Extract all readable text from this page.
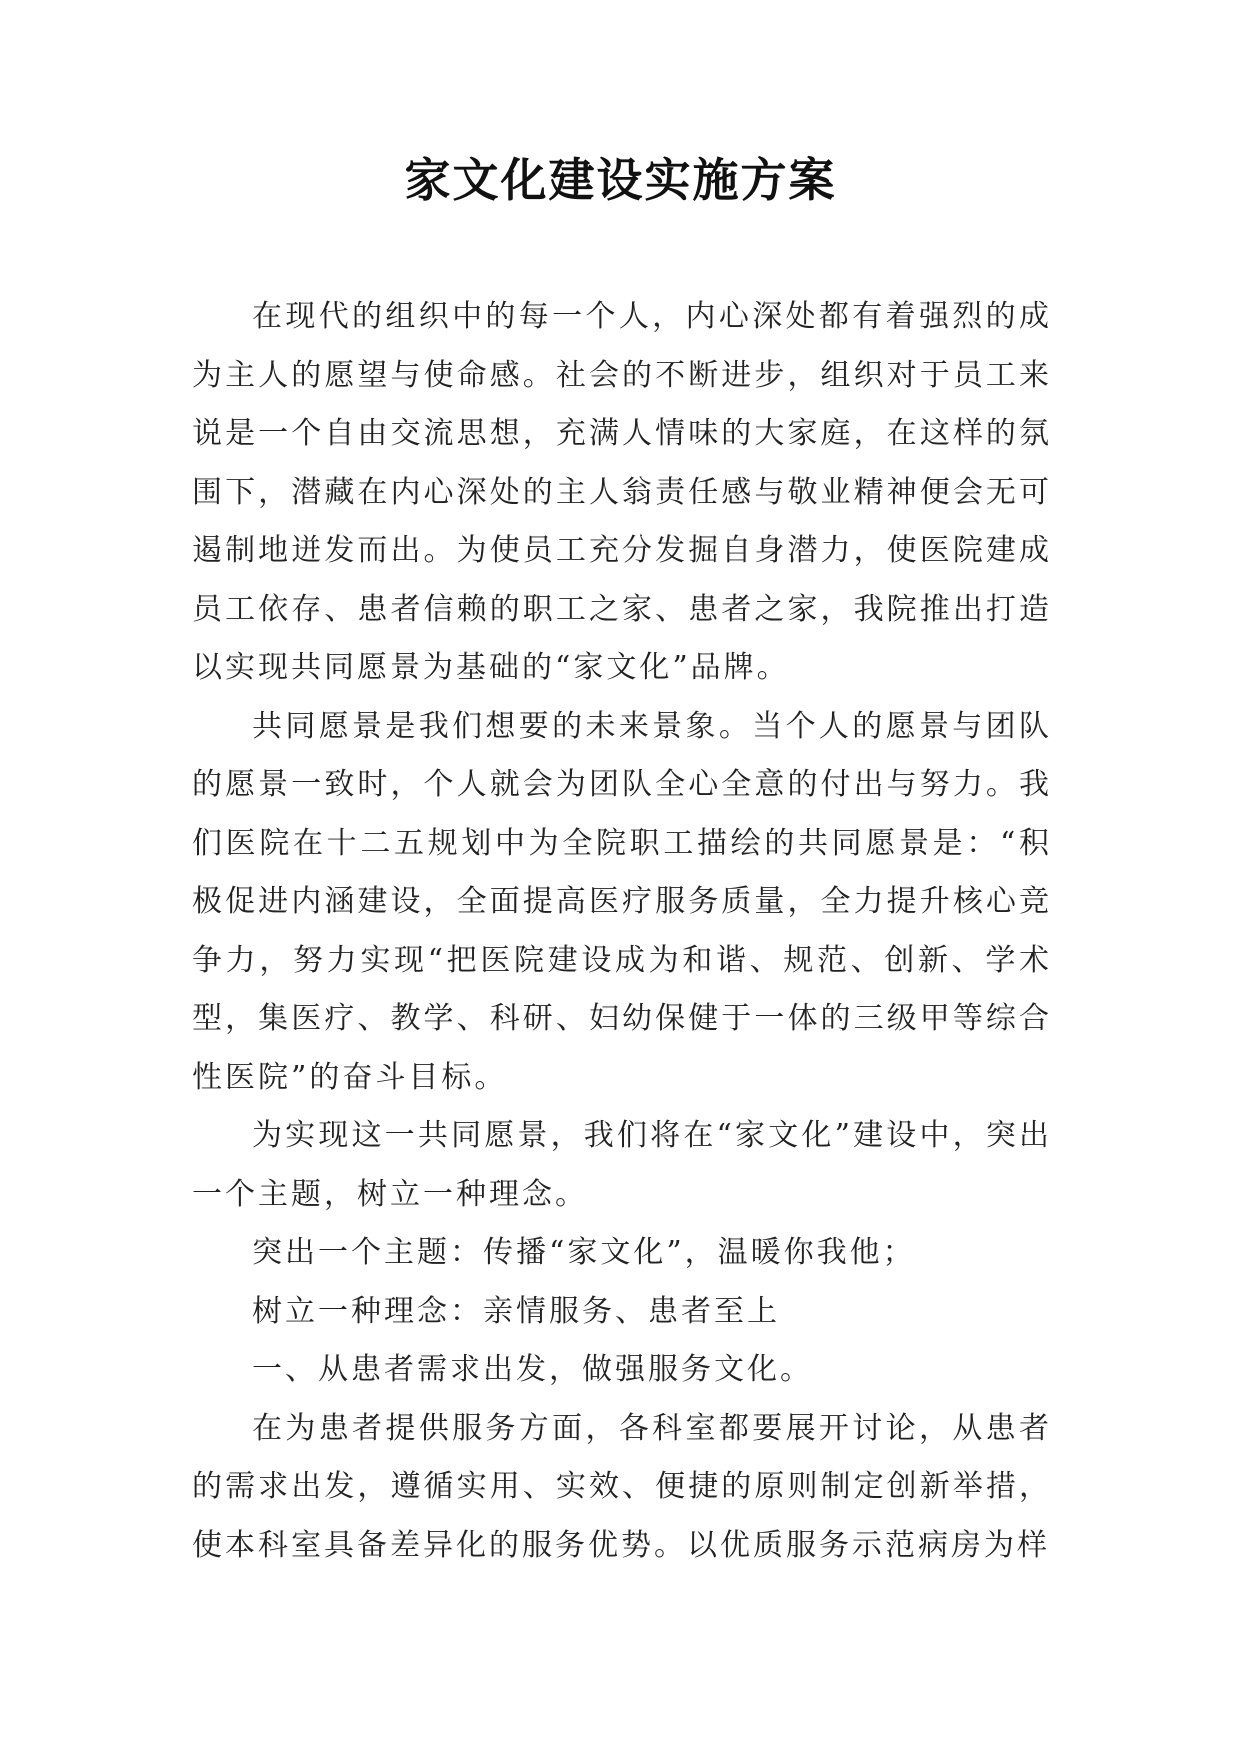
家文化建设实施方案

在现代的组织中的每一个人，内心深处都有着强烈的成为主人的愿望与使命感。社会的不断进步，组织对于员工来说是一个自由交流思想，充满人情味的大家庭，在这样的氛围下，潜藏在内心深处的主人翁责任感与敬业精神便会无可遏制地迸发而出。为使员工充分发掘自身潜力，使医院建成员工依存、患者信赖的职工之家、患者之家，我院推出打造以实现共同愿景为基础的“家文化”品牌。

共同愿景是我们想要的未来景象。当个人的愿景与团队的愿景一致时，个人就会为团队全心全意的付出与努力。我们医院在十二五规划中为全院职工描绘的共同愿景是：“积极促进内涵建设，全面提高医疗服务质量，全力提升核心竞争力，努力实现“把医院建设成为和谐、规范、创新、学术型，集医疗、教学、科研、妇幼保健于一体的三级甲等综合性医院”的奋斗目标。

为实现这一共同愿景，我们将在“家文化”建设中，突出一个主题，树立一种理念。

突出一个主题：传播“家文化”，温暖你我他；

树立一种理念：亲情服务、患者至上

一、从患者需求出发，做强服务文化。

在为患者提供服务方面，各科室都要展开讨论，从患者的需求出发，遵循实用、实效、便捷的原则制定创新举措，使本科室具备差异化的服务优势。以优质服务示范病房为样
